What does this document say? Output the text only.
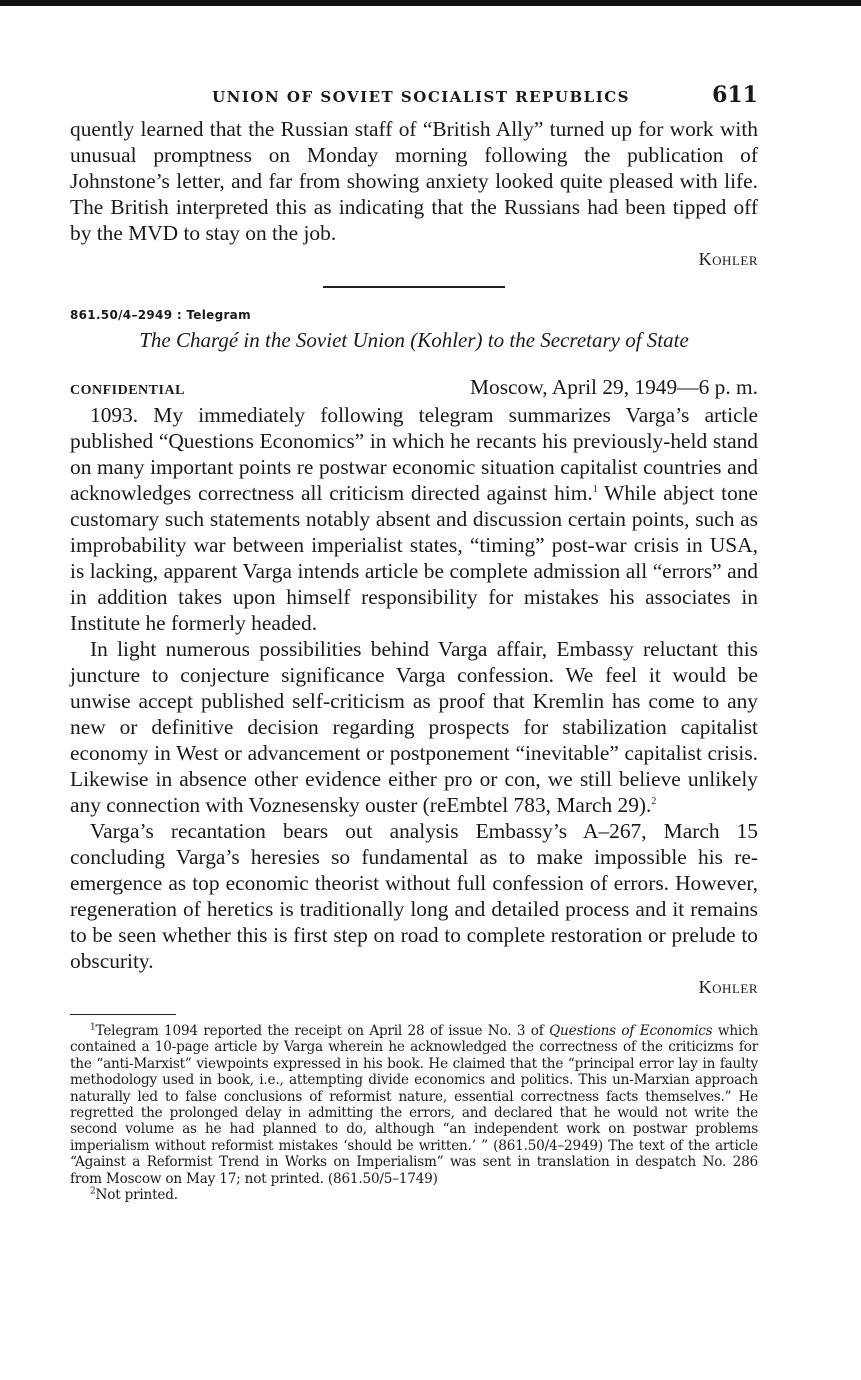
UNION OF SOVIET SOCIALIST REPUBLICS	611

quently learned that the Russian staff of “British Ally” turned up for work with unusual promptness on Monday morning following the publication of Johnstone’s letter, and far from showing anxiety looked quite pleased with life. The British interpreted this as indicating that the Russians had been tipped off by the MVD to stay on the job.

Kohler

861.50/4–2949 : Telegram

The Chargé in the Soviet Union (Kohler) to the Secretary of State

CONFIDENTIAL	Moscow, April 29, 1949—6 p. m.

1093. My immediately following telegram summarizes Varga’s article published “Questions Economics” in which he recants his previously-held stand on many important points re postwar economic situation capitalist countries and acknowledges correctness all criticism directed against him.$^1$ While abject tone customary such statements notably absent and discussion certain points, such as improbability war between imperialist states, “timing” post-war crisis in USA, is lacking, apparent Varga intends article be complete admission all “errors” and in addition takes upon himself responsibility for mistakes his associates in Institute he formerly headed.

In light numerous possibilities behind Varga affair, Embassy reluctant this juncture to conjecture significance Varga confession. We feel it would be unwise accept published self-criticism as proof that Kremlin has come to any new or definitive decision regarding prospects for stabilization capitalist economy in West or advancement or postponement “inevitable” capitalist crisis. Likewise in absence other evidence either pro or con, we still believe unlikely any connection with Voznesensky ouster (reEmbtel 783, March 29).$^2$

Varga’s recantation bears out analysis Embassy’s A–267, March 15 concluding Varga’s heresies so fundamental as to make impossible his re-emergence as top economic theorist without full confession of errors. However, regeneration of heretics is traditionally long and detailed process and it remains to be seen whether this is first step on road to complete restoration or prelude to obscurity.

Kohler

$^1$Telegram 1094 reported the receipt on April 28 of issue No. 3 of Questions of Economics which contained a 10-page article by Varga wherein he acknowledged the correctness of the criticizms for the “anti-Marxist” viewpoints expressed in his book. He claimed that the “principal error lay in faulty methodology used in book, i.e., attempting divide economics and politics. This un-Marxian approach naturally led to false conclusions of reformist nature, essential correctness facts themselves.” He regretted the prolonged delay in admitting the errors, and declared that he would not write the second volume as he had planned to do, although “an independent work on postwar problems imperialism without reformist mistakes ‘should be written.’ ” (861.50/4–2949) The text of the article “Against a Reformist Trend in Works on Imperialism” was sent in translation in despatch No. 286 from Moscow on May 17; not printed. (861.50/5–1749)

$^2$Not printed.
